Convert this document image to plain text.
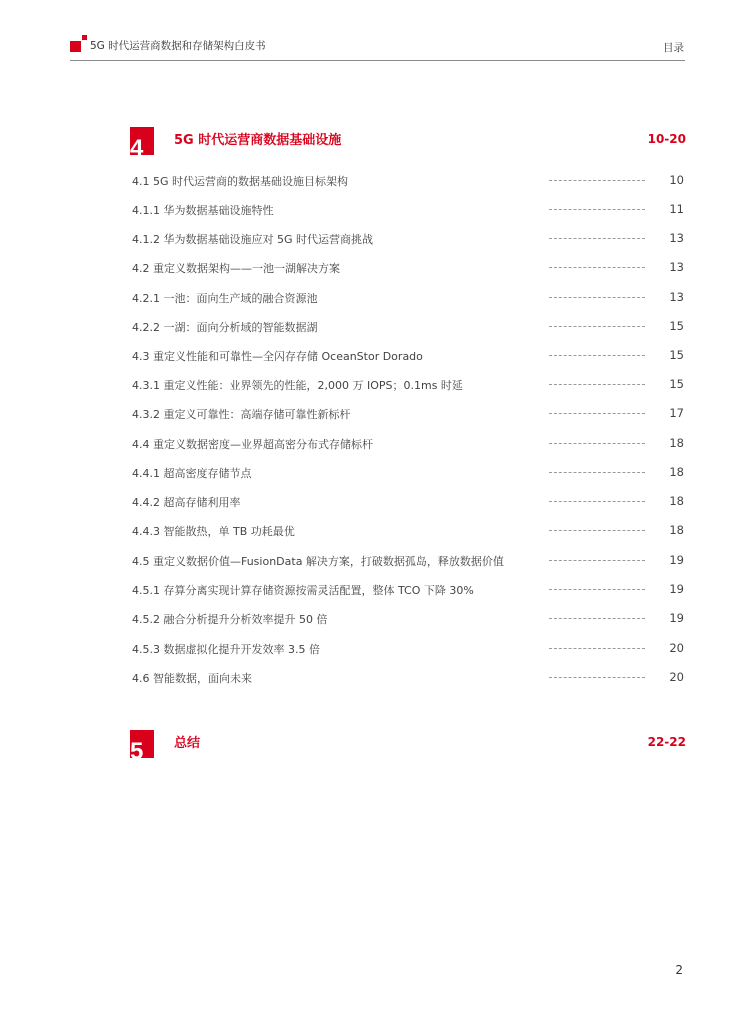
5G 时代运营商数据和存储架构白皮书	目录
4 5G 时代运营商数据基础设施	10-20
4.1 5G 时代运营商的数据基础设施目标架构	10
4.1.1 华为数据基础设施特性	11
4.1.2 华为数据基础设施应对 5G 时代运营商挑战	13
4.2 重定义数据架构——一池一湖解决方案	13
4.2.1 一池：面向生产域的融合资源池	13
4.2.2 一湖：面向分析域的智能数据湖	15
4.3 重定义性能和可靠性—全闪存存储 OceanStor Dorado	15
4.3.1 重定义性能：业界领先的性能，2,000 万 IOPS；0.1ms 时延	15
4.3.2 重定义可靠性：高端存储可靠性新标杆	17
4.4 重定义数据密度—业界超高密分布式存储标杆	18
4.4.1 超高密度存储节点	18
4.4.2 超高存储利用率	18
4.4.3 智能散热，单 TB 功耗最优	18
4.5 重定义数据价值—FusionData 解决方案，打破数据孤岛，释放数据价值	19
4.5.1 存算分离实现计算存储资源按需灵活配置，整体 TCO 下降 30%	19
4.5.2 融合分析提升分析效率提升 50 倍	19
4.5.3 数据虚拟化提升开发效率 3.5 倍	20
4.6 智能数据，面向未来	20
5 总结	22-22
2
